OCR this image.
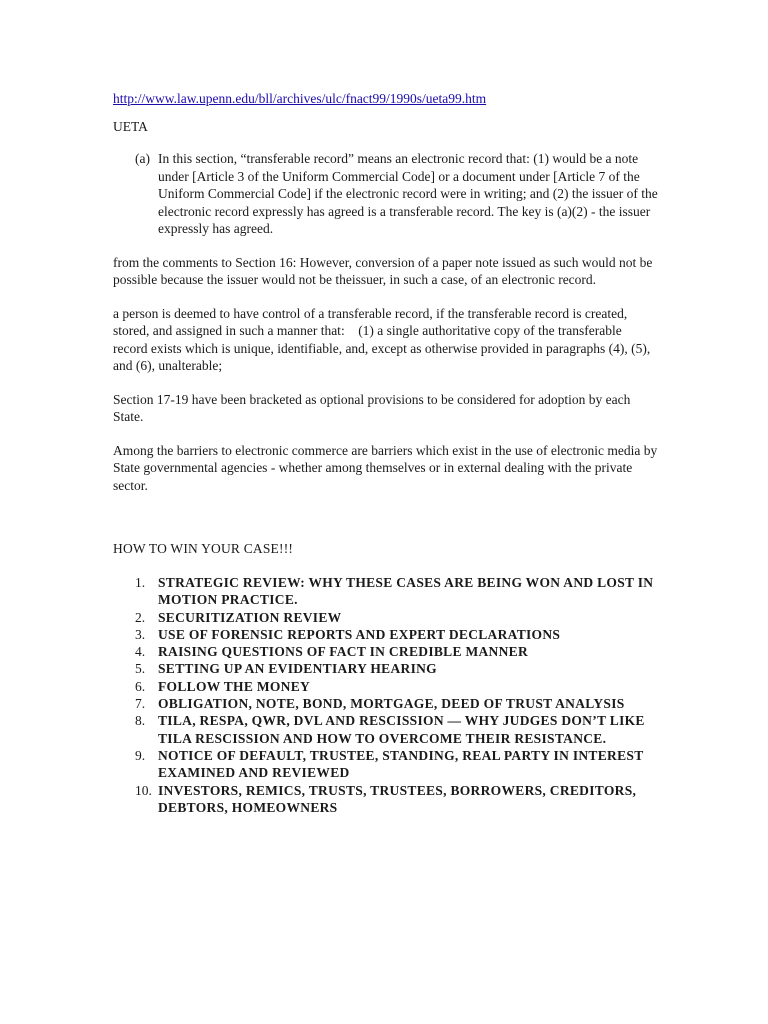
http://www.law.upenn.edu/bll/archives/ulc/fnact99/1990s/ueta99.htm
UETA
(a) In this section, “transferable record” means an electronic record that: (1) would be a note under [Article 3 of the Uniform Commercial Code] or a document under [Article 7 of the Uniform Commercial Code] if the electronic record were in writing; and (2) the issuer of the electronic record expressly has agreed is a transferable record. The key is (a)(2) - the issuer expressly has agreed.
from the comments to Section 16: However, conversion of a paper note issued as such would not be possible because the issuer would not be theissuer, in such a case, of an electronic record.
a person is deemed to have control of a transferable record, if the transferable record is created, stored, and assigned in such a manner that:    (1) a single authoritative copy of the transferable record exists which is unique, identifiable, and, except as otherwise provided in paragraphs (4), (5), and (6), unalterable;
Section 17-19 have been bracketed as optional provisions to be considered for adoption by each State.
Among the barriers to electronic commerce are barriers which exist in the use of electronic media by State governmental agencies - whether among themselves or in external dealing with the private sector.
HOW TO WIN YOUR CASE!!!
1. STRATEGIC REVIEW: WHY THESE CASES ARE BEING WON AND LOST IN MOTION PRACTICE.
2. SECURITIZATION REVIEW
3. USE OF FORENSIC REPORTS AND EXPERT DECLARATIONS
4. RAISING QUESTIONS OF FACT IN CREDIBLE MANNER
5. SETTING UP AN EVIDENTIARY HEARING
6. FOLLOW THE MONEY
7. OBLIGATION, NOTE, BOND, MORTGAGE, DEED OF TRUST ANALYSIS
8. TILA, RESPA, QWR, DVL AND RESCISSION — WHY JUDGES DON’T LIKE TILA RESCISSION AND HOW TO OVERCOME THEIR RESISTANCE.
9. NOTICE OF DEFAULT, TRUSTEE, STANDING, REAL PARTY IN INTEREST EXAMINED AND REVIEWED
10. INVESTORS, REMICS, TRUSTS, TRUSTEES, BORROWERS, CREDITORS, DEBTORS, HOMEOWNERS
